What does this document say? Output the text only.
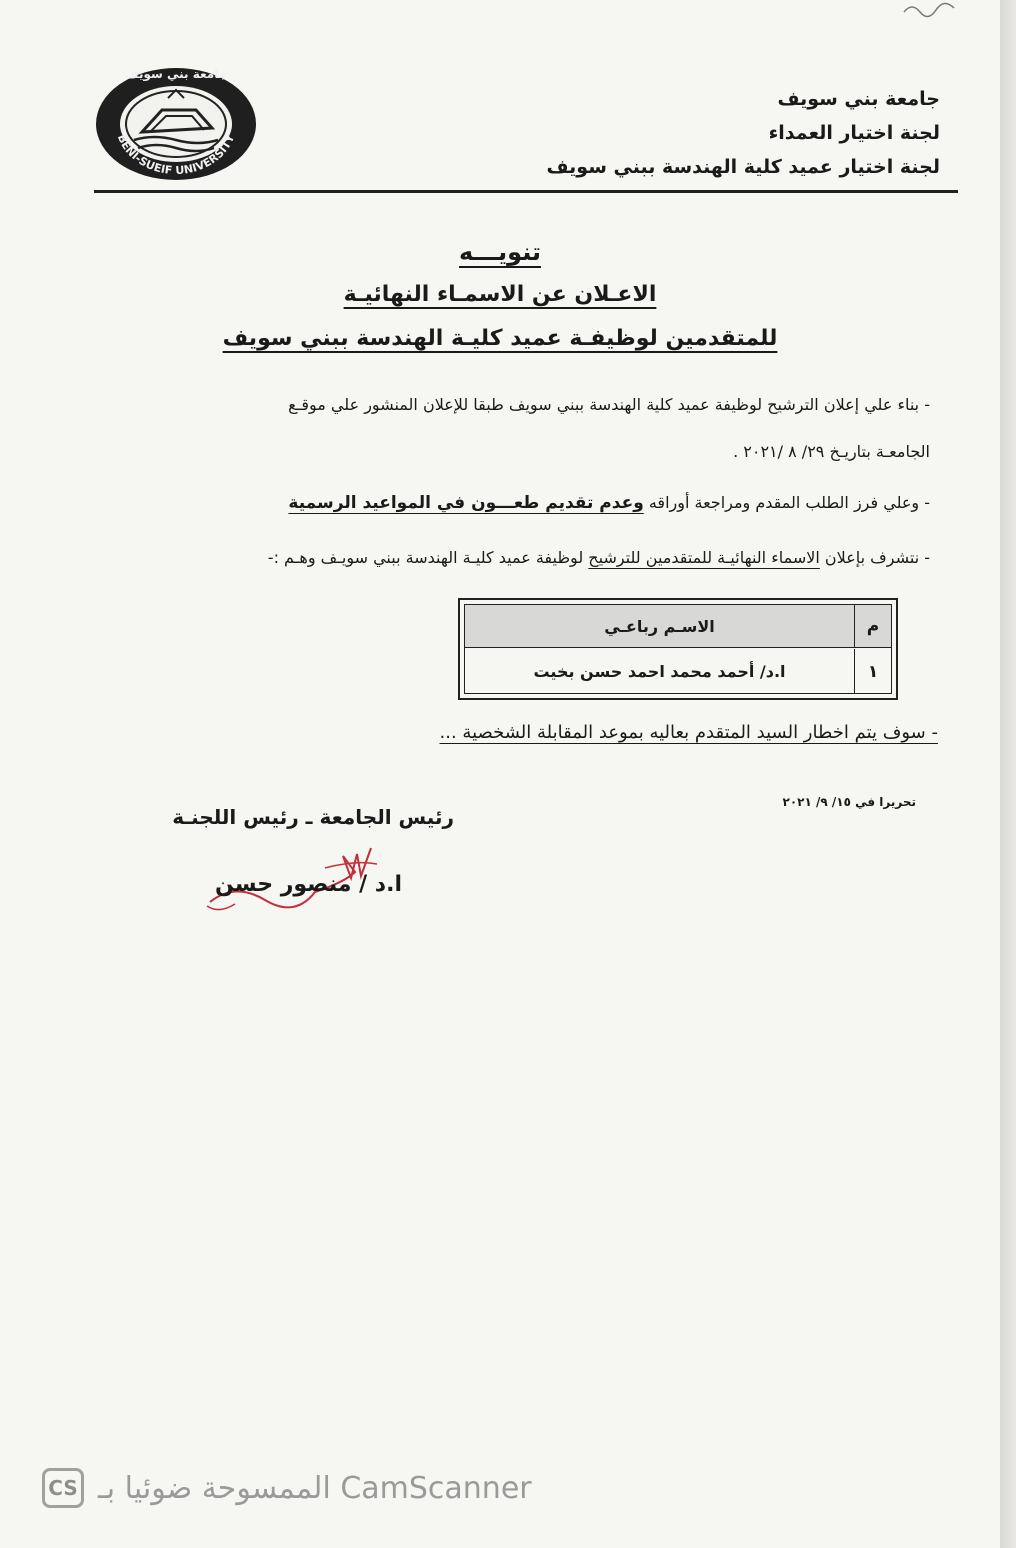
BENI-SUEIF UNIVERSITY
جامعة بني سويف
جامعة بني سويف
لجنة اختيار العمداء
لجنة اختيار عميد كلية الهندسة ببني سويف
تنويـــه
الاعـلان عن الاسمـاء النهائيـة
للمتقدمين لوظيفـة عميد كليـة الهندسة ببني سويف
- بناء علي إعلان الترشيح لوظيفة عميد كلية الهندسة ببني سويف طبقا للإعلان المنشور علي موقـع
الجامعـة بتاريـخ ٢٩/ ٨ /٢٠٢١ .
- وعلي فرز الطلب المقدم ومراجعة أوراقه وعدم تقديم طعـــون في المواعيد الرسمية
- نتشرف بإعلان الاسماء النهائيـة للمتقدمين للترشيح لوظيفة عميد كليـة الهندسة ببني سويـف وهـم :-
م
الاسـم رباعـي
١
ا.د/ أحمد محمد احمد حسن بخيت
- سوف يتم اخطار السيد المتقدم بعاليه بموعد المقابلة الشخصية ...
تحريرا في ١٥/ ٩/ ٢٠٢١
رئيس الجامعة ـ رئيس اللجنـة
ا.د / منصور حسن
CS الممسوحة ضوئيا بـ CamScanner
